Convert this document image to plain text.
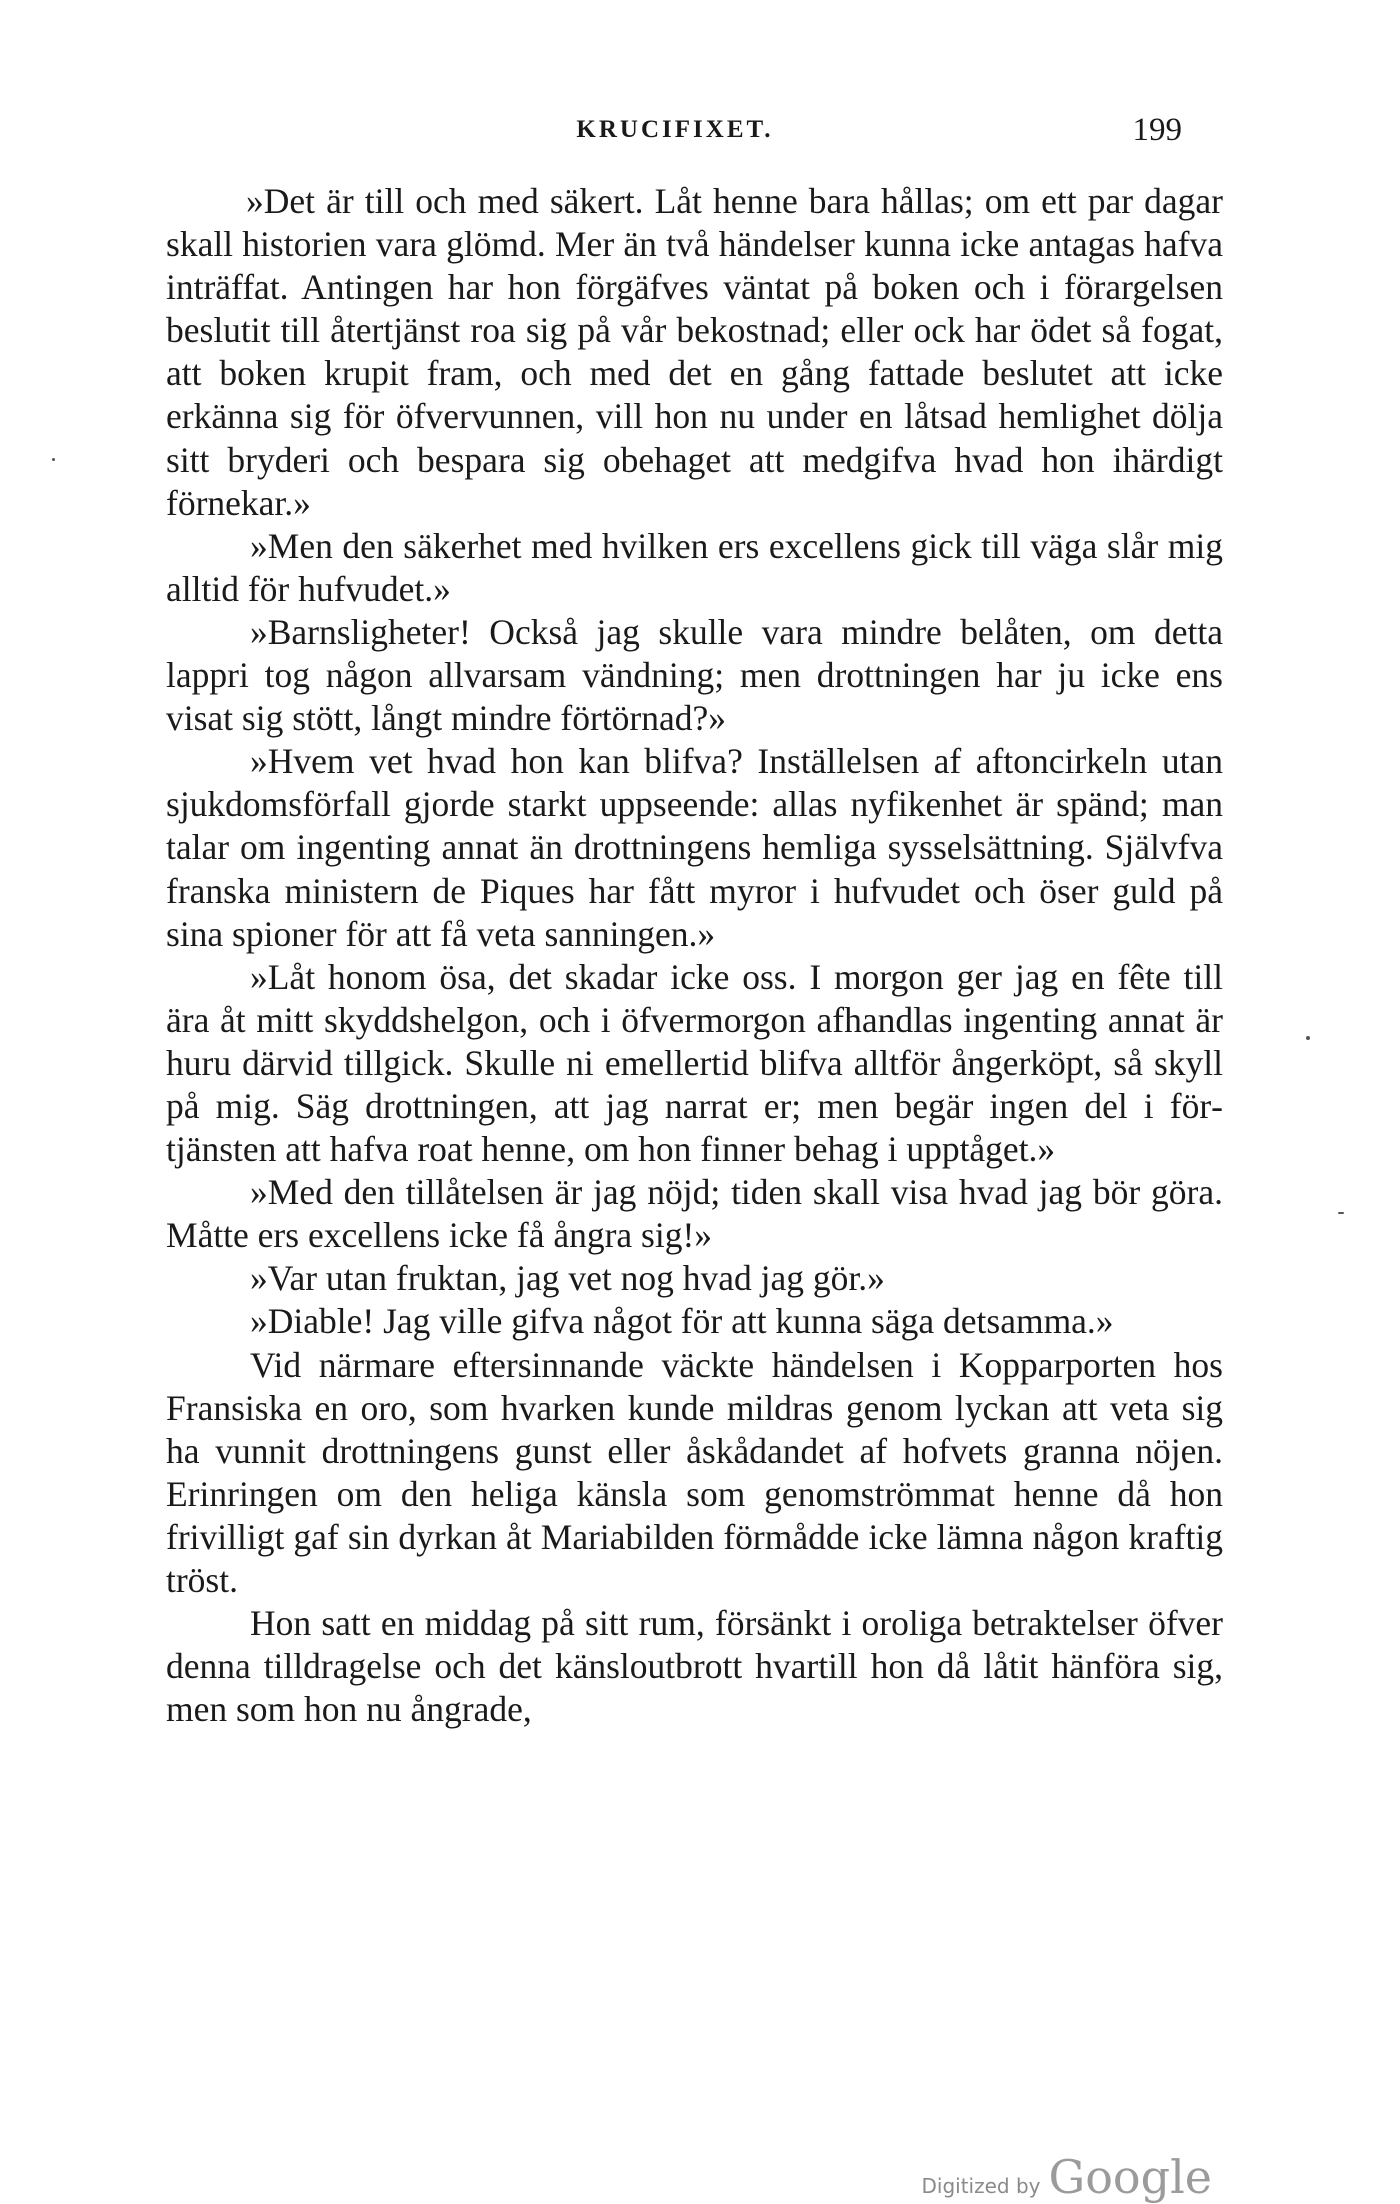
KRUCIFIXET.	199

»Det är till och med säkert. Låt henne bara hållas; om ett par dagar skall historien vara glömd. Mer än två händelser kunna icke antagas hafva inträffat. Antingen har hon förgäfves väntat på boken och i förargelsen beslutit till återtjänst roa sig på vår bekostnad; eller ock har ödet så fogat, att boken krupit fram, och med det en gång fattade beslutet att icke erkänna sig för öfvervunnen, vill hon nu under en låtsad hemlighet dölja sitt bryderi och bespara sig obehaget att medgifva hvad hon ihärdigt förnekar.»

»Men den säkerhet med hvilken ers excellens gick till väga slår mig alltid för hufvudet.»

»Barnsligheter! Också jag skulle vara mindre belåten, om detta lappri tog någon allvarsam vändning; men drottningen har ju icke ens visat sig stött, långt mindre förtörnad?»

»Hvem vet hvad hon kan blifva? Inställelsen af aftoncirkeln utan sjukdomsförfall gjorde starkt uppseende: allas nyfikenhet är spänd; man talar om ingenting annat än drottningens hemliga sysselsättning. Självfva franska ministern de Piques har fått myror i hufvudet och öser guld på sina spioner för att få veta sanningen.»

»Låt honom ösa, det skadar icke oss. I morgon ger jag en fête till ära åt mitt skyddshelgon, och i öfvermorgon afhandlas ingenting annat är huru därvid tillgick. Skulle ni emellertid blifva alltför ångerköpt, så skyll på mig. Säg drottningen, att jag narrat er; men begär ingen del i förtjänsten att hafva roat henne, om hon finner behag i upptåget.»

»Med den tillåtelsen är jag nöjd; tiden skall visa hvad jag bör göra. Måtte ers excellens icke få ångra sig!»

»Var utan fruktan, jag vet nog hvad jag gör.»

»Diable! Jag ville gifva något för att kunna säga detsamma.»

Vid närmare eftersinnande väckte händelsen i Kopparporten hos Fransiska en oro, som hvarken kunde mildras genom lyckan att veta sig ha vunnit drottningens gunst eller åskådandet af hofvets granna nöjen. Erinringen om den heliga känsla som genomströmmat henne då hon frivilligt gaf sin dyrkan åt Mariabilden förmådde icke lämna någon kraftig tröst.

Hon satt en middag på sitt rum, försänkt i oroliga betraktelser öfver denna tilldragelse och det känsloutbrott hvartill hon då låtit hänföra sig, men som hon nu ångrade,

Digitized by Google
